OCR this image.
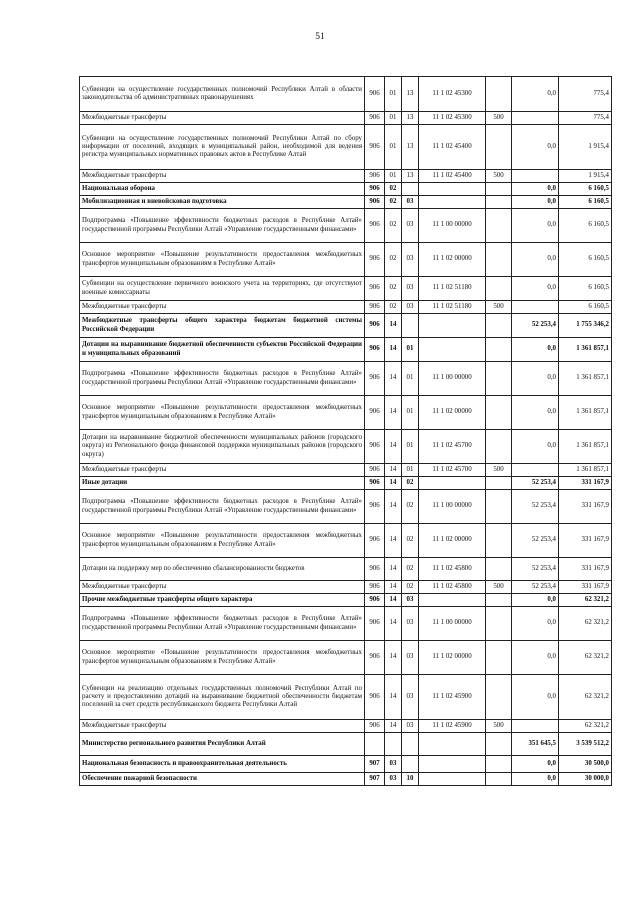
51
Субвенции на осуществление государственных полномочий Республики Алтай в области законодательства об административных правонарушениях	906	01	13	11 1 02 45300		0,0	775,4
Межбюджетные трансферты	906	01	13	11 1 02 45300	500		775,4
Субвенции на осуществление государственных полномочий Республики Алтай по сбору информации от поселений, входящих в муниципальный район, необходимой для ведения регистра муниципальных нормативных правовых актов в Республике Алтай	906	01	13	11 1 02 45400		0,0	1 915,4
Межбюджетные трансферты	906	01	13	11 1 02 45400	500		1 915,4
Национальная оборона	906	02				0,0	6 160,5
Мобилизационная и вневойсковая подготовка	906	02	03			0,0	6 160,5
Подпрограмма «Повышение эффективности бюджетных расходов в Республике Алтай» государственной программы Республики Алтай «Управление государственными финансами»	906	02	03	11 1 00 00000		0,0	6 160,5
Основное мероприятие «Повышение результативности предоставления межбюджетных трансфертов муниципальным образованиям в Республике Алтай»	906	02	03	11 1 02 00000		0,0	6 160,5
Субвенции на осуществление первичного воинского учета на территориях, где отсутствуют военные комиссариаты	906	02	03	11 1 02 51180		0,0	6 160,5
Межбюджетные трансферты	906	02	03	11 1 02 51180	500		6 160,5
Межбюджетные трансферты общего характера бюджетам бюджетной системы Российской Федерации	906	14				52 253,4	1 755 346,2
Дотации на выравнивание бюджетной обеспеченности субъектов Российской Федерации и муниципальных образований	906	14	01			0,0	1 361 857,1
Подпрограмма «Повышение эффективности бюджетных расходов в Республике Алтай» государственной программы Республики Алтай «Управление государственными финансами»	906	14	01	11 1 00 00000		0,0	1 361 857,1
Основное мероприятие «Повышение результативности предоставления межбюджетных трансфертов муниципальным образованиям в Республике Алтай»	906	14	01	11 1 02 00000		0,0	1 361 857,1
Дотации на выравнивание бюджетной обеспеченности муниципальных районов (городского округа) из Регионального фонда финансовой поддержки муниципальных районов (городского округа)	906	14	01	11 1 02 45700		0,0	1 361 857,1
Межбюджетные трансферты	906	14	01	11 1 02 45700	500		1 361 857,1
Иные дотации	906	14	02			52 253,4	331 167,9
Подпрограмма «Повышение эффективности бюджетных расходов в Республике Алтай» государственной программы Республики Алтай «Управление государственными финансами»	906	14	02	11 1 00 00000		52 253,4	331 167,9
Основное мероприятие «Повышение результативности предоставления межбюджетных трансфертов муниципальным образованиям в Республике Алтай»	906	14	02	11 1 02 00000		52 253,4	331 167,9
Дотации на поддержку мер по обеспечению сбалансированности бюджетов	906	14	02	11 1 02 45800		52 253,4	331 167,9
Межбюджетные трансферты	906	14	02	11 1 02 45800	500	52 253,4	331 167,9
Прочие межбюджетные трансферты общего характера	906	14	03			0,0	62 321,2
Подпрограмма «Повышение эффективности бюджетных расходов в Республике Алтай» государственной программы Республики Алтай «Управление государственными финансами»	906	14	03	11 1 00 00000		0,0	62 321,2
Основное мероприятие «Повышение результативности предоставления межбюджетных трансфертов муниципальным образованиям в Республике Алтай»	906	14	03	11 1 02 00000		0,0	62 321,2
Субвенции на реализацию отдельных государственных полномочий Республики Алтай по расчету и предоставлению дотаций на выравнивание бюджетной обеспеченности бюджетам поселений за счет средств республиканского бюджета Республики Алтай	906	14	03	11 1 02 45900		0,0	62 321,2
Межбюджетные трансферты	906	14	03	11 1 02 45900	500		62 321,2
Министерство регионального развития Республики Алтай						351 645,5	3 539 512,2
Национальная безопасность и правоохранительная деятельность	907	03				0,0	30 500,0
Обеспечение пожарной безопасности	907	03	10			0,0	30 000,0
